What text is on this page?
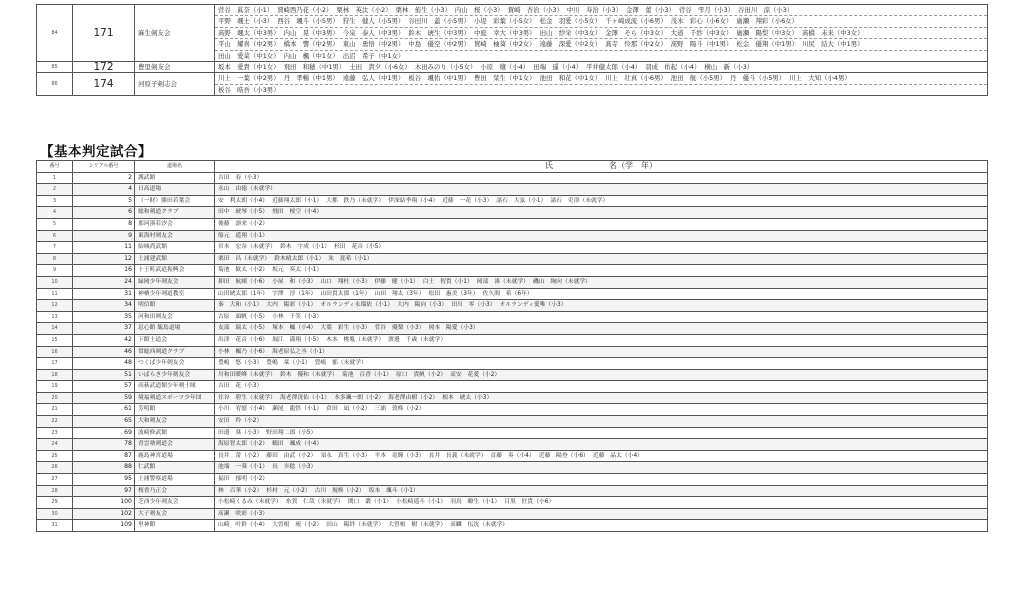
84	171	麻生剣友会	菅谷　眞奈（小1） 賀崎西乃花（小2） 栗林　英汰（小2） 栗林　侑生（小3） 内山　桜（小3） 賀崎　杏治（小3） 中川　寿治（小3） 金澤　蕾（小3） 菅谷　雫月（小3） 谷田川　涼（小3）
平野　颯士（小3） 西谷　颯斗（小5男） 狩生　健人（小5男） 谷田川　蓋（小5男） 小堤　彩葉（小5女） 松金　羽愛（小5女） 千ヶ崎成流（小6男） 茂木　彩心（小6女） 廣瀬　翔彩（小6女）
髙野　颯太（中3男） 内山　晃（中3男） 今泉　泰人（中3男） 鈴木　琥生（中3男） 中庭　幸大（中3男） 田山　紗栄（中3女） 金澤　そら（中3女） 大道　千紗（中3女） 廣瀬　陽梨（中3女） 髙橋　未来（中3女）
平山　耀喜（中2男） 橋本　響（中2男） 東山　勇悟（中2男） 中島　優空（中2男） 賀崎　柚葵（中2女） 遠藤　深愛（中2女） 髙寺　怜那（中2女） 髙野　陽斗（中1男） 松金　優翔（中1男） 川尻　結大（中1男）
田山　愛菜（中1女） 内山　楓（中1女） 出沼　希子（中1女）

85	172	豊里剣友会	坂本　愛貴（中1女） 飛田　和穂（中1男） 土田　貴夕（小6女） 木田みのり（小5女） 小原　穣（小4） 田端　遥（小4） 平井健太郎（小4） 羽成　佑起（小4） 横山　新（小3）

86	174	河原子剣志会	川上　一葉（中2男） 丹　孝暢（中1男） 遠藤　弘人（中1男） 板谷　颯佑（中1男） 豊田　栞生（中1女） 池田　和花（中1女） 川上　壮真（小6男） 池田　航（小5男） 丹　優斗（小5男） 川上　大知（小4男）
板谷　晧吾（小3男）
【基本判定試合】
番号	シリアル番号	道場名	氏　　　　　　　名（学　年）
1	2	護武館	吉田　春（小3）
2	4	日高道場	永山　由徳（未就学）
3	5	（一財）勝田若葉会	安　利太朗（小4） 近藤翔太郎（小1） 大都　鉄乃（未就学） 伊深結季翔（小4） 近藤　一花（小3） 諸石　大弦（小1） 諸石　吏津（未就学）
4	6	総和剣道クラブ	田中　琥琴（小5） 飛田　桜空（小4）
5	8	那珂湊若汐会	後藤　凛来（小2）
6	9	東海村剣友会	船元　遥翔（小1）
7	11	結城尚武館	宮本　宏奈（未就学） 鈴木　宇成（小1） 杉田　花音（小5）
8	12	土浦建武館	栗田　昌（未就学） 鈴木晴太郎（小1） 朱　琵希（小1）
9	16	十王町武道振興会	菊池　歓太（小2） 坂元　奏太（小1）
10	24	緑岡少年剣友会	抑田　航緒（小6） 小屋　和（小3） 山口　翔杜（小3） 伊藤　健（小1） 白土　智貴（小1） 岡部　湊（未就学） 磯山　絢向（未就学）
11	31	神栖少年剣道教室	山田琥太郎（1年） 宇澤　淳（1年） 山田貴太郎（1年） 山田　翔太（3年） 松田　惠美（3年） 佐久間　希（6年）
12	34	明信館	秦　大和（小1） 大内　陽彩（小1） オルランディ永瑠依（小1） 大内　陽向（小3） 田川　零（小3） オルランディ愛唯（小3）
13	35	河和田剣友会	古原　頭帆（小5） 小林　千笑（小3）
14	37	息心館 飯島道場	友部　瑞太（小5） 塚本　楓（小4） 大葉　彩生（小3） 菅谷　優梨（小3） 岡本　陽愛（小3）
15	42	下館士道会	出津　花音（小6） 堀江　満翔（小5） 木本　桃胤（未就学） 渡邊　千歳（未就学）
16	46	常総西剣道クラブ	小林　楓乃（小6） 海老原弘之丞（小1）
17	48	つくば少年剣友会	豊嶋　悠（小3） 豊嶋　栞（小1） 豊嶋　郁（未就学）
18	51	いばらき少年剣友会	川和田暖峰（未就学） 鈴木　優和（未就学） 菊池　百香（小1） 原口　貴帆（小2） 髙安　花愛（小2）
19	57	高萩武道館少年剣士隊	吉田　花（小3）
20	59	境福剣道スポーツ少年団	住谷　碧生（未就学） 海老澤洸佑（小1） 本多颯一朗（小2） 海老澤由樹（小2） 根本　琥太（小3）
21	61	芳明館	小川　宥慰（小4） 瀬尾　龍悟（小1） 倉田　凪（小2） 三浦　敦柊（小2）
22	65	大和剣友会	安田　羚（小2）
23	69	波崎修武館	田邉　葵（小3） 野田翔二郎（小5）
24	78	青雲塾剣道会	海原智太郎（小2） 鶴田　颯成（小4）
25	87	鹿島神宮道場	長井　蕾（小2） 藤田　由武（小2） 須永　真生（小3） 平本　竜輝（小3） 長井　長義（未就学） 首藤　奏（小4） 近藤　陽登（小6） 近藤　晶太（小4）
26	88	仁武館	池端　一葵（小1） 長　歩稔（小3）
27	95	土浦警察道場	福田　郁明（小2）
28	97	桜香乃正会	林　百華（小2） 杉村　元（小2） 古川　規柊（小2） 坂本　颯斗（小1）
29	100	芝西少年剣友会	小松崎くるみ（未就学） 糸賀　仁哉（未就学） 関口　叢（小1） 小松崎遥斗（小1） 羽鳥　瞭生（小1） 目黒　匠貴（小6）
30	102	大子剣友会	髙瀬　咲彩（小3）
31	109	里神館	山崎　叶鈴（小4） 大曽根　琉（小2） 田山　陽絆（未就学） 大曽根　樹（未就学） 髙麟　伍沈（未就学）
